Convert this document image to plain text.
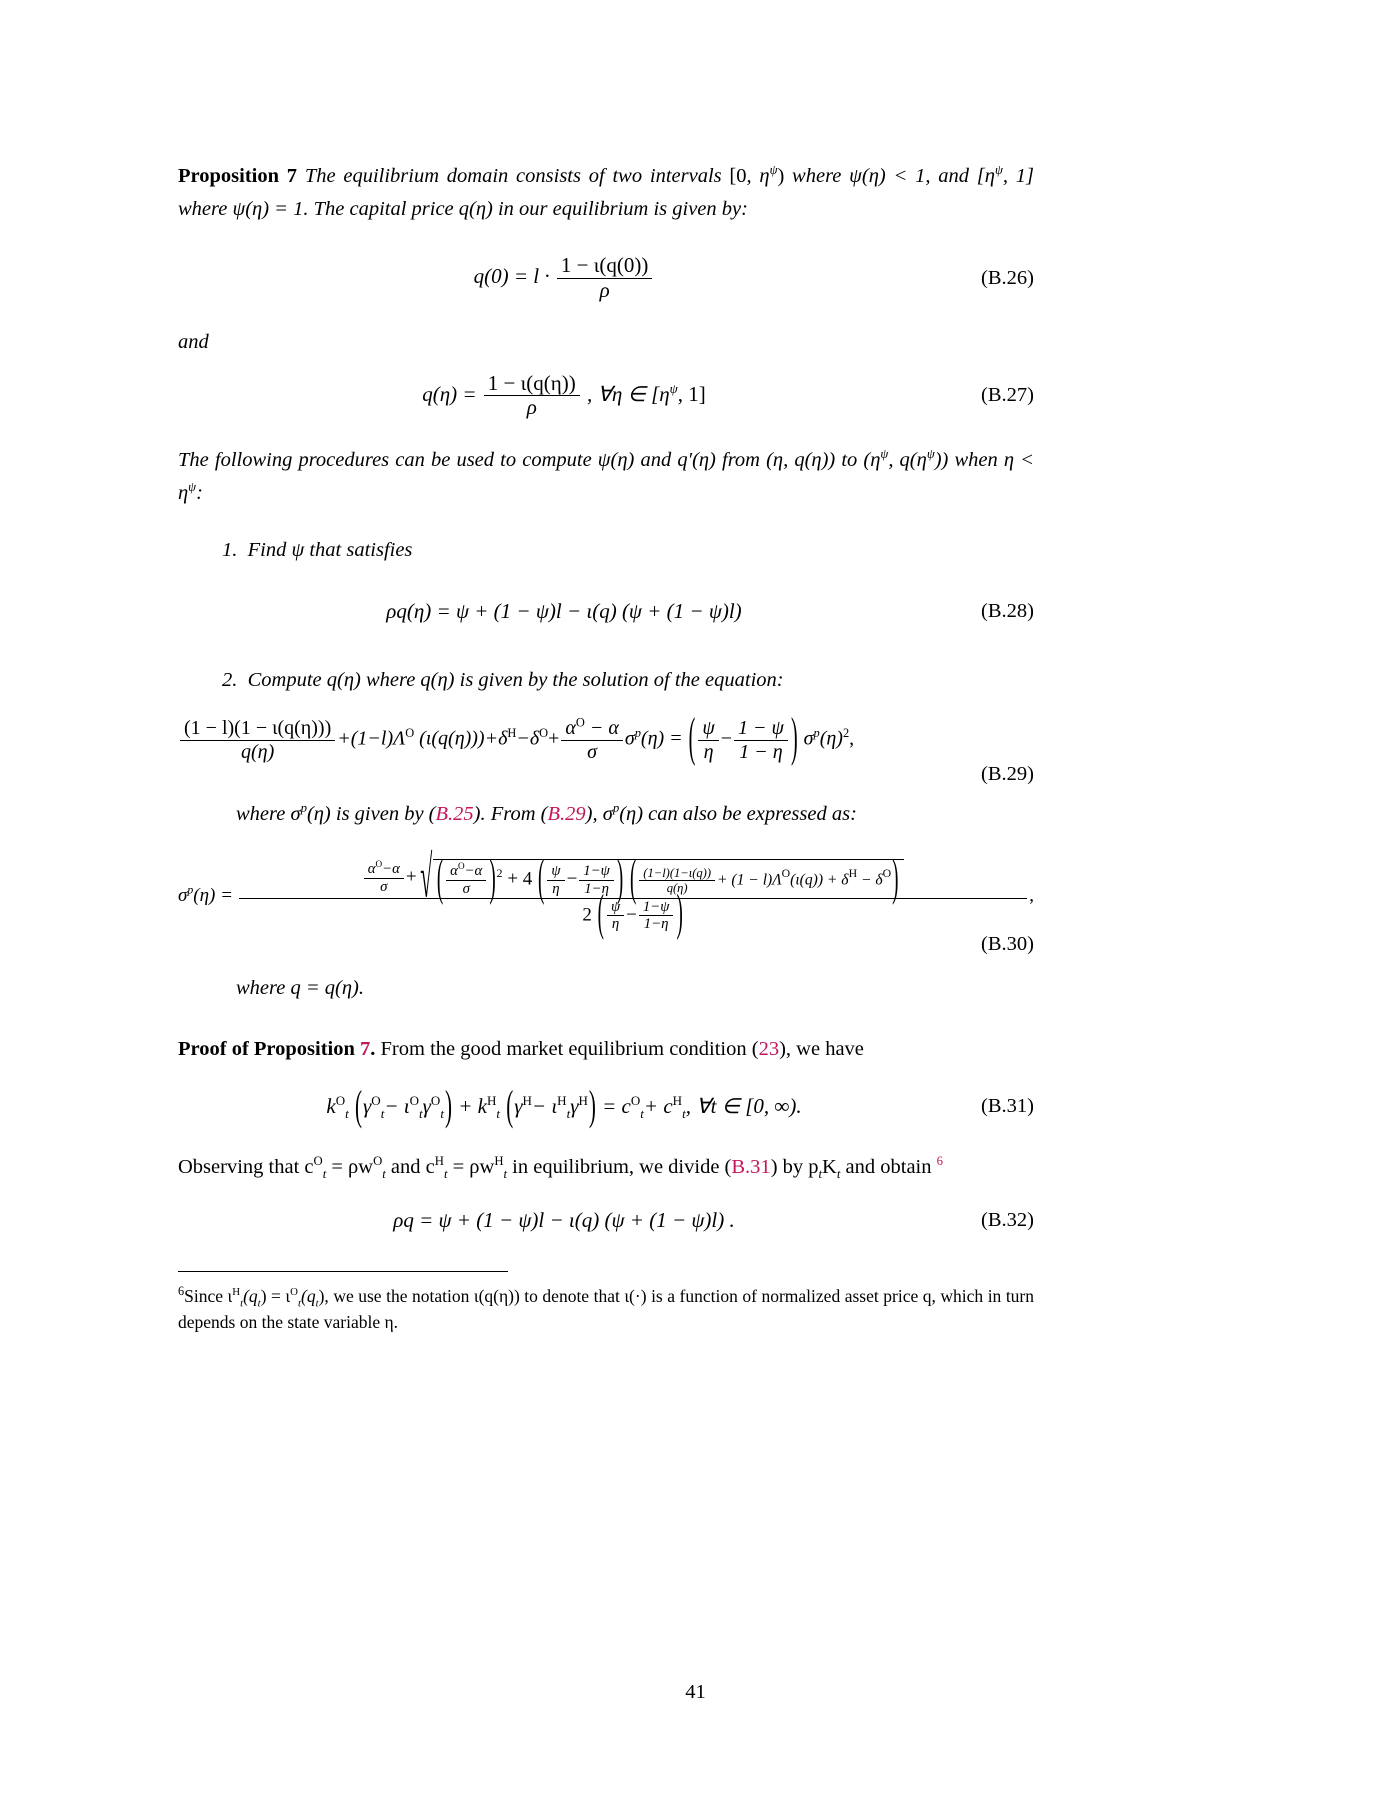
Proposition 7 The equilibrium domain consists of two intervals [0, $\eta^\psi$) where ψ(η) < 1, and [$\eta^\psi$, 1] where ψ(η) = 1. The capital price q(η) in our equilibrium is given by:
$q(0) = l \cdot \frac{1 - \iota(q(0))}{\rho}$	(B.26)
and
$q(\eta) = \frac{1 - \iota(q(\eta))}{\rho}$ , ∀η ∈ [$\eta^\psi$, 1]	(B.27)
The following procedures can be used to compute ψ(η) and q′(η) from (η, q(η)) to ($\eta^\psi$, $q(\eta^\psi)$) when $\eta < \eta^\psi$:
1. Find ψ that satisfies
ρq(η) = ψ + (1 − ψ)l − ι(q) (ψ + (1 − ψ)l)	(B.28)
2. Compute q(η) where q(η) is given by the solution of the equation:
$\frac{(1 - l)(1 - \iota(q(\eta)))}{q(\eta)} +(1-l)\Lambda^O$ $(\iota(q(\eta)))+\delta^H-\delta^O+ \frac{\alpha^O - \alpha}{\sigma} \sigma^p(\eta)$ = ( $\frac{\psi}{\eta} - \frac{1 - \psi}{1 - \eta}$ ) $\sigma^p(\eta)^2$,
(B.29)
where $\sigma^p(\eta)$ is given by (B.25). From (B.29), $\sigma^p(\eta)$ can also be expressed as:
$\sigma^p(\eta)$ =	$\frac{\alpha^O-\alpha}{\sigma}$ + √ ( $\frac{\alpha^O-\alpha}{\sigma} )^2 + 4$ ( $\frac{\psi}{\eta} - \frac{1-\psi}{1-\eta}$ ) ( $\frac{(1-l)(1-\iota(q))}{q(\eta)} + (1 - l)\Lambda^O(\iota(q)) + \delta^H - \delta^O$)
2 ( $\frac{\psi}{\eta} - \frac{1-\psi}{1-\eta}$ )	,
(B.30)
where q = q(η).
Proof of Proposition 7. From the good market equilibrium condition (23), we have
$k^O_t$ $(\gamma^O_t- \iota^O_t\gamma^O_t) + k^H_t$ $(\gamma^H- \iota^H_t\gamma^H) = c^O_t+ c^H_t$, ∀t ∈ [0, ∞).	(B.31)
Observing that $c^O_t = \rho w^O_t$ and $c^H_t = \rho w^H_t$ in equilibrium, we divide (B.31) by $p_tK_t$ and obtain $^6$
ρq = ψ + (1 − ψ)l − ι(q) (ψ + (1 − ψ)l) .	(B.32)
$^6$Since $\iota^H_t(q_t) = \iota^O_t(q_t)$, we use the notation ι(q(η)) to denote that ι(·) is a function of normalized asset price q, which in turn depends on the state variable η.
41
